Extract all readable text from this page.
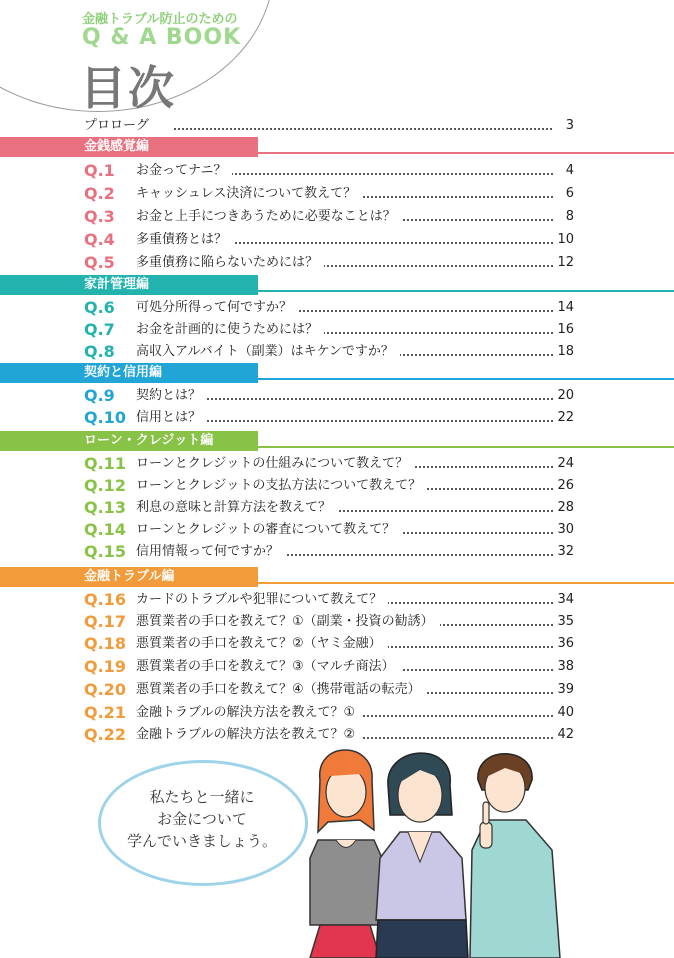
金融トラブル防止のための
Q & A BOOK
目次
プロローグ	3
金銭感覚編
Q.1 お金ってナニ？	4
Q.2 キャッシュレス決済について教えて？	6
Q.3 お金と上手につきあうために必要なことは？	8
Q.4 多重債務とは？	10
Q.5 多重債務に陥らないためには？	12
家計管理編
Q.6 可処分所得って何ですか？	14
Q.7 お金を計画的に使うためには？	16
Q.8 高収入アルバイト（副業）はキケンですか？	18
契約と信用編
Q.9 契約とは？	20
Q.10 信用とは？	22
ローン・クレジット編
Q.11 ローンとクレジットの仕組みについて教えて？	24
Q.12 ローンとクレジットの支払方法について教えて？	26
Q.13 利息の意味と計算方法を教えて？	28
Q.14 ローンとクレジットの審査について教えて？	30
Q.15 信用情報って何ですか？	32
金融トラブル編
Q.16 カードのトラブルや犯罪について教えて？	34
Q.17 悪質業者の手口を教えて？①（副業・投資の勧誘）	35
Q.18 悪質業者の手口を教えて？②（ヤミ金融）	36
Q.19 悪質業者の手口を教えて？③（マルチ商法）	38
Q.20 悪質業者の手口を教えて？④（携帯電話の転売）	39
Q.21 金融トラブルの解決方法を教えて？①	40
Q.22 金融トラブルの解決方法を教えて？②	42
私たちと一緒に
お金について
学んでいきましょう。
